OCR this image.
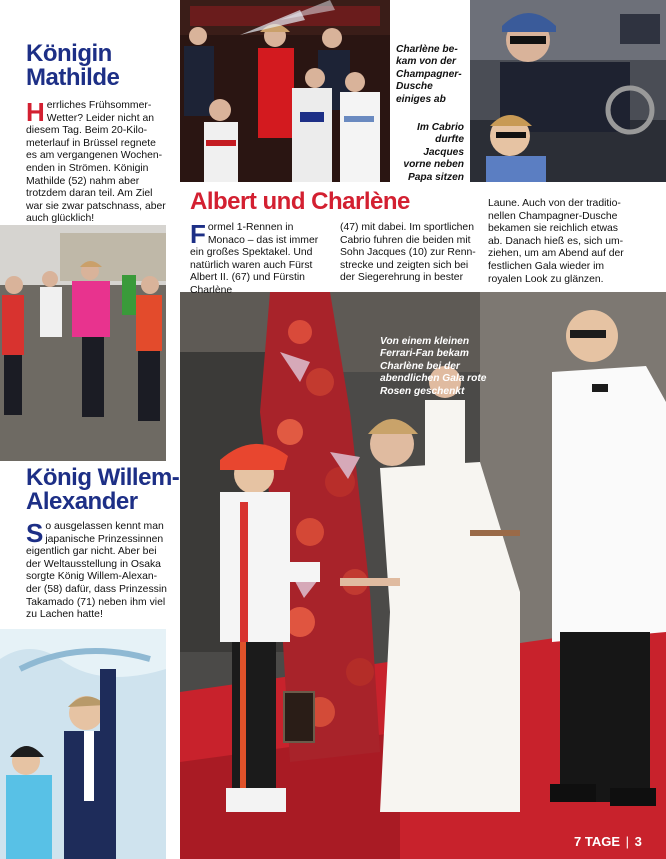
Charlène be-kam von der Champagner-Dusche einiges ab
Im Cabrio durfte Jacques vorne neben Papa sitzen
Königin
Mathilde
Herrliches Frühsommer-Wetter? Leider nicht an diesem Tag. Beim 20-Kilo-meterlauf in Brüssel regnete es am vergangenen Wochen-enden in Strömen. Königin Mathilde (52) nahm aber trotzdem daran teil. Am Ziel war sie zwar patschnass, aber auch glücklich!
König Willem-
Alexander
So ausgelassen kennt man japanische Prinzessinnen eigentlich gar nicht. Aber bei der Weltausstellung in Osaka sorgte König Willem-Alexan-der (58) dafür, dass Prinzessin Takamado (71) neben ihm viel zu Lachen hatte!
Albert und Charlène
Formel 1-Rennen in Monaco – das ist immer ein großes Spektakel. Und natürlich waren auch Fürst Albert II. (67) und Fürstin Charlène
(47) mit dabei. Im sportlichen Cabrio fuhren die beiden mit Sohn Jacques (10) zur Renn-strecke und zeigten sich bei der Siegerehrung in bester
Laune. Auch von der traditio-nellen Champagner-Dusche bekamen sie reichlich etwas ab. Danach hieß es, sich um-ziehen, um am Abend auf der festlichen Gala wieder im royalen Look zu glänzen.
Von einem kleinen Ferrari-Fan bekam Charlène bei der abendlichen Gala rote Rosen geschenkt
7 TAGE | 3
